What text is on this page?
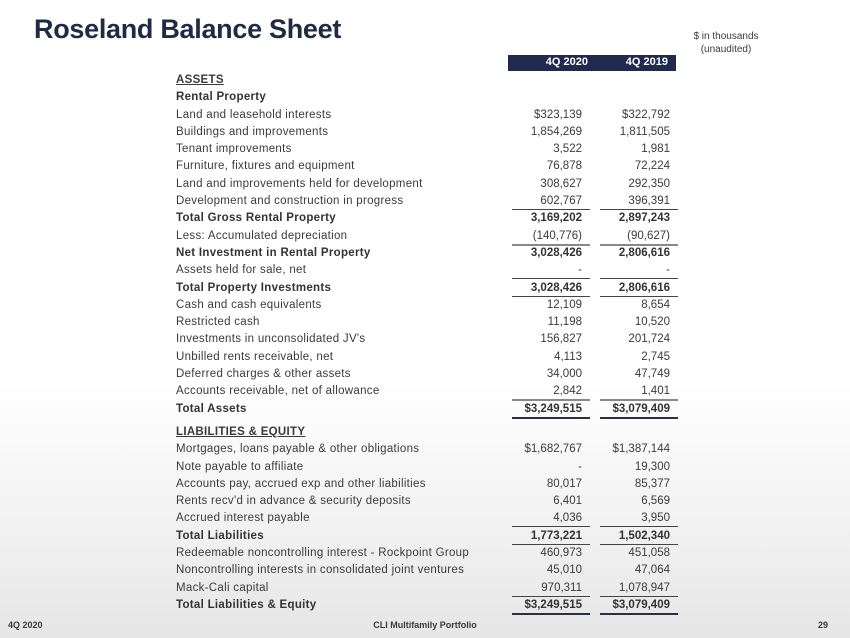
Roseland Balance Sheet	$ in thousands
(unaudited)
4Q 2020	4Q 2019
ASSETS
Rental Property
Land and leasehold interests	$323,139	$322,792
Buildings and improvements	1,854,269	1,811,505
Tenant improvements	3,522	1,981
Furniture, fixtures and equipment	76,878	72,224
Land and improvements held for development	308,627	292,350
Development and construction in progress	602,767	396,391
Total Gross Rental Property	3,169,202	2,897,243
Less: Accumulated depreciation	(140,776)	(90,627)
Net Investment in Rental Property	3,028,426	2,806,616
Assets held for sale, net	-	-
Total Property Investments	3,028,426	2,806,616
Cash and cash equivalents	12,109	8,654
Restricted cash	11,198	10,520
Investments in unconsolidated JV's	156,827	201,724
Unbilled rents receivable, net	4,113	2,745
Deferred charges & other assets	34,000	47,749
Accounts receivable, net of allowance	2,842	1,401
Total Assets	$3,249,515	$3,079,409
LIABILITIES & EQUITY
Mortgages, loans payable & other obligations	$1,682,767	$1,387,144
Note payable to affiliate	-	19,300
Accounts pay, accrued exp and other liabilities	80,017	85,377
Rents recv'd in advance & security deposits	6,401	6,569
Accrued interest payable	4,036	3,950
Total Liabilities	1,773,221	1,502,340
Redeemable noncontrolling interest - Rockpoint Group	460,973	451,058
Noncontrolling interests in consolidated joint ventures	45,010	47,064
Mack-Cali capital	970,311	1,078,947
Total Liabilities & Equity	$3,249,515	$3,079,409
4Q 2020	CLI Multifamily Portfolio	29
